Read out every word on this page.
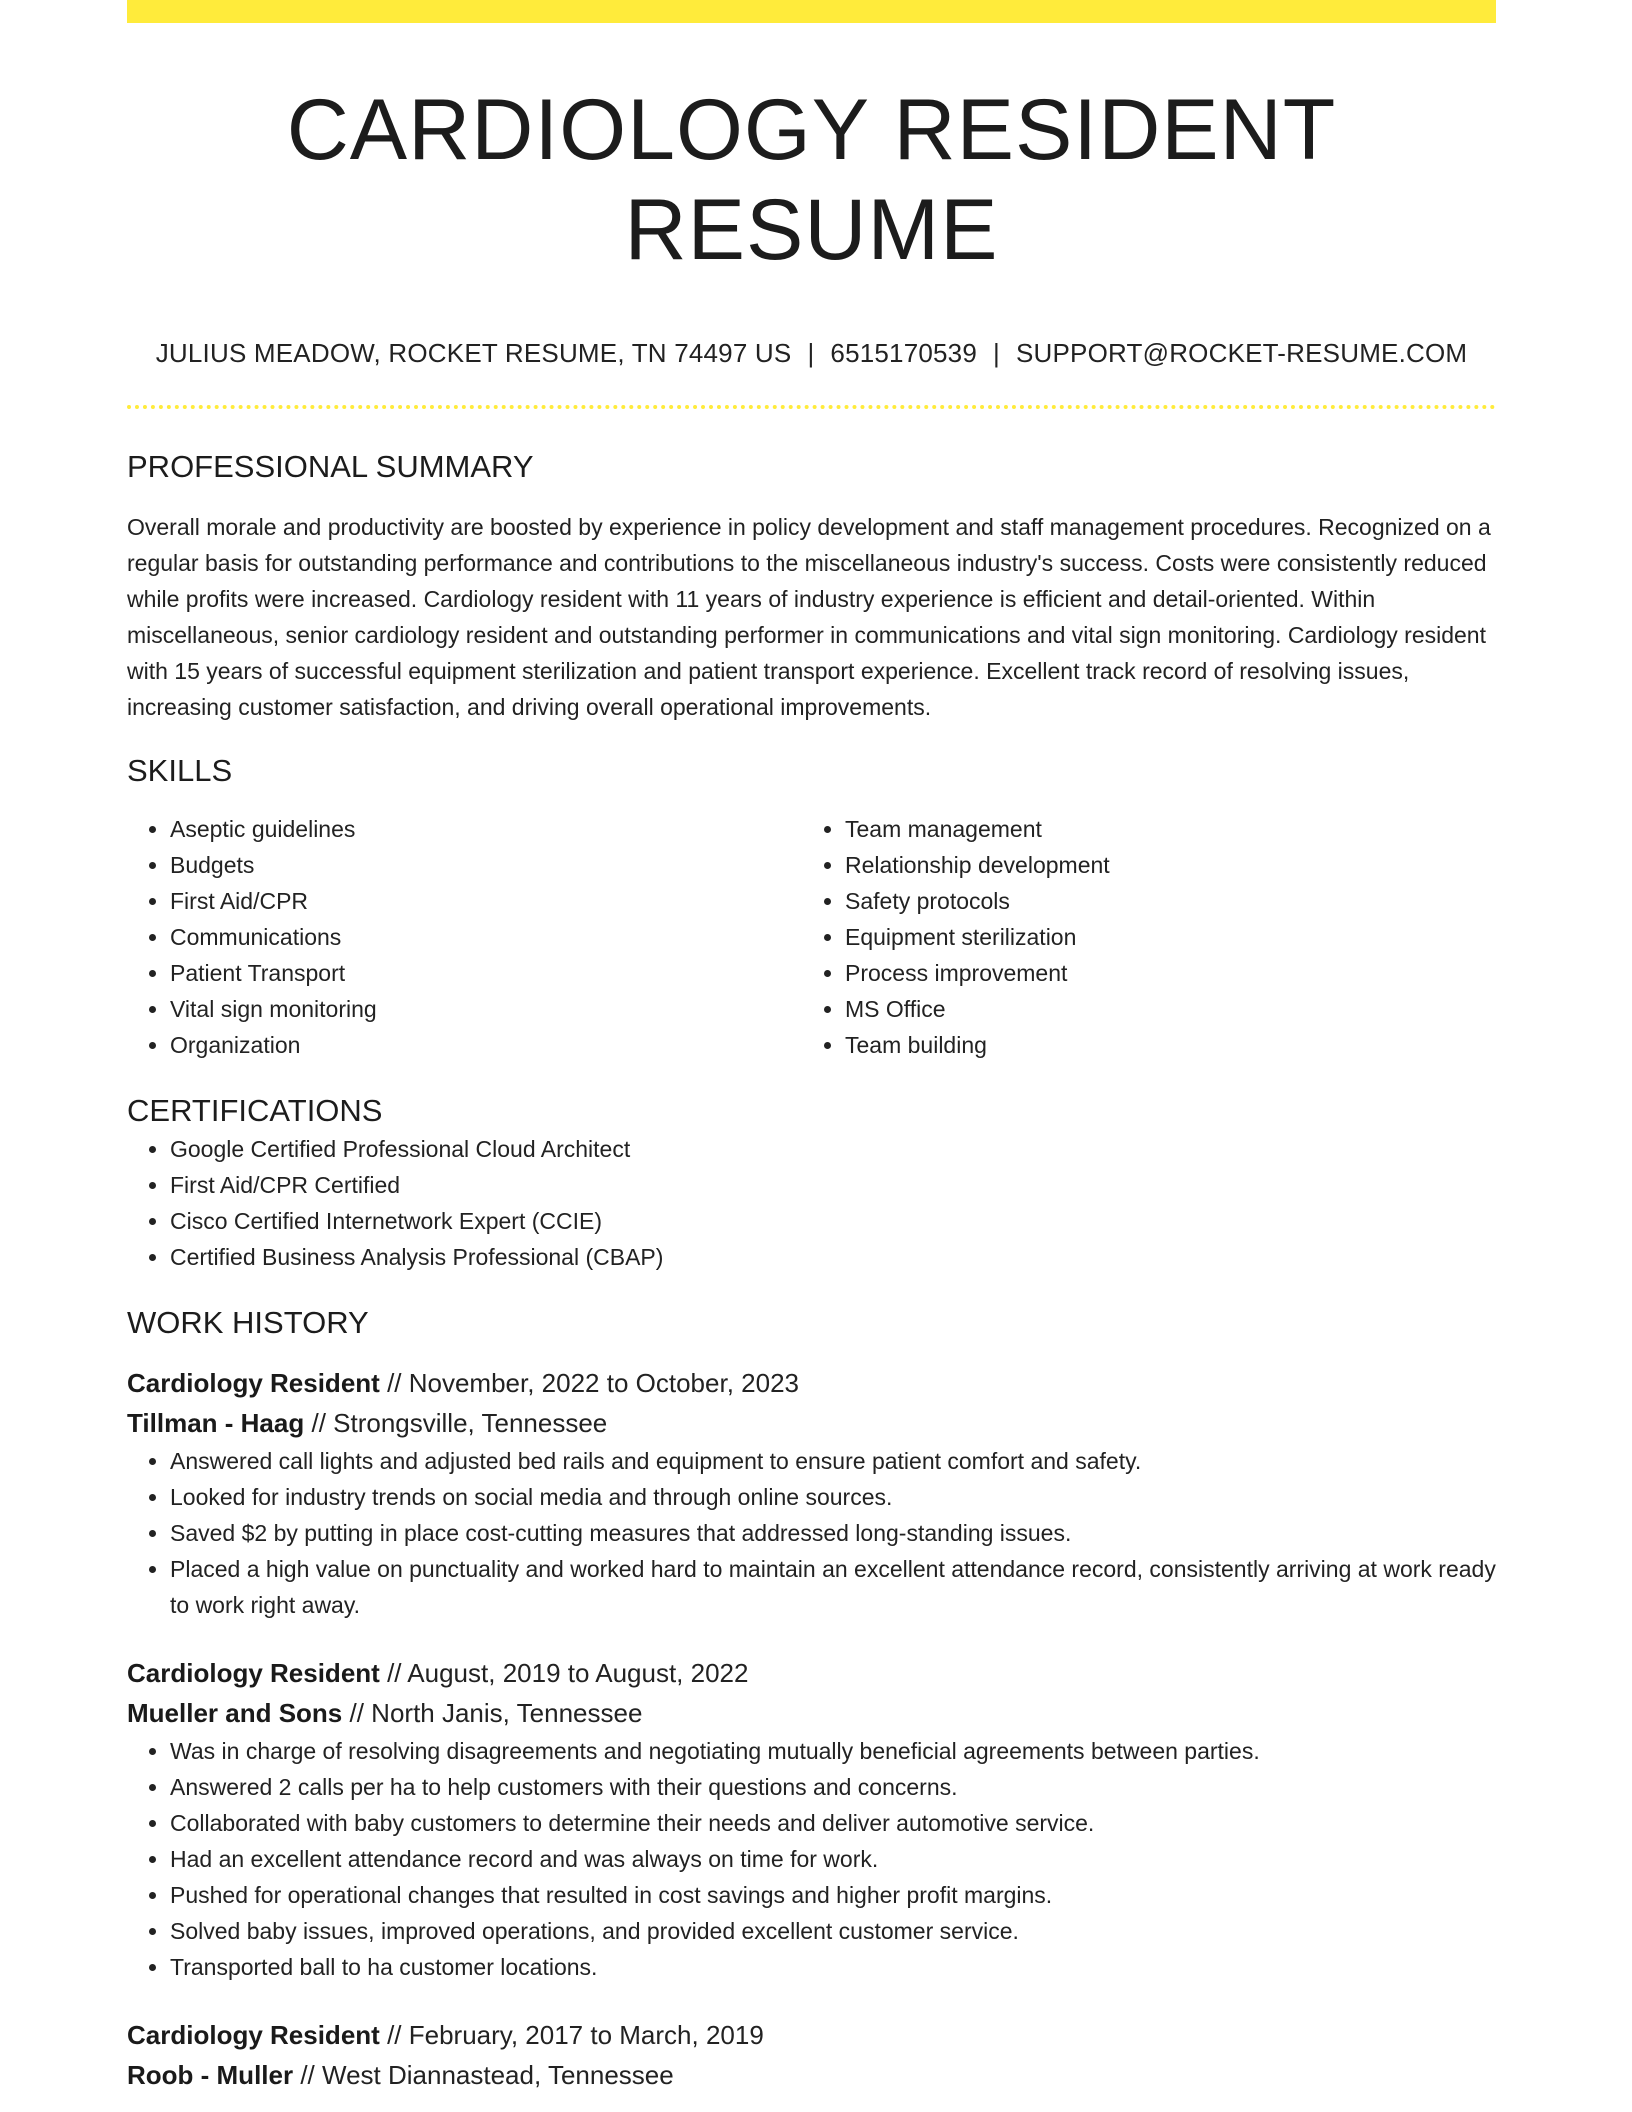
CARDIOLOGY RESIDENT RESUME
JULIUS MEADOW, ROCKET RESUME, TN 74497 US | 6515170539 | SUPPORT@ROCKET-RESUME.COM
PROFESSIONAL SUMMARY

Overall morale and productivity are boosted by experience in policy development and staff management procedures. Recognized on a regular basis for outstanding performance and contributions to the miscellaneous industry's success. Costs were consistently reduced while profits were increased. Cardiology resident with 11 years of industry experience is efficient and detail-oriented. Within miscellaneous, senior cardiology resident and outstanding performer in communications and vital sign monitoring. Cardiology resident with 15 years of successful equipment sterilization and patient transport experience. Excellent track record of resolving issues, increasing customer satisfaction, and driving overall operational improvements.

SKILLS
• Aseptic guidelines
• Budgets
• First Aid/CPR
• Communications
• Patient Transport
• Vital sign monitoring
• Organization
• Team management
• Relationship development
• Safety protocols
• Equipment sterilization
• Process improvement
• MS Office
• Team building
CERTIFICATIONS
• Google Certified Professional Cloud Architect
• First Aid/CPR Certified
• Cisco Certified Internetwork Expert (CCIE)
• Certified Business Analysis Professional (CBAP)
WORK HISTORY
Cardiology Resident // November, 2022 to October, 2023
Tillman - Haag // Strongsville, Tennessee
• Answered call lights and adjusted bed rails and equipment to ensure patient comfort and safety.
• Looked for industry trends on social media and through online sources.
• Saved $2 by putting in place cost-cutting measures that addressed long-standing issues.
• Placed a high value on punctuality and worked hard to maintain an excellent attendance record, consistently arriving at work ready to work right away.
Cardiology Resident // August, 2019 to August, 2022
Mueller and Sons // North Janis, Tennessee
• Was in charge of resolving disagreements and negotiating mutually beneficial agreements between parties.
• Answered 2 calls per ha to help customers with their questions and concerns.
• Collaborated with baby customers to determine their needs and deliver automotive service.
• Had an excellent attendance record and was always on time for work.
• Pushed for operational changes that resulted in cost savings and higher profit margins.
• Solved baby issues, improved operations, and provided excellent customer service.
• Transported ball to ha customer locations.
Cardiology Resident // February, 2017 to March, 2019
Roob - Muller // West Diannastead, Tennessee
